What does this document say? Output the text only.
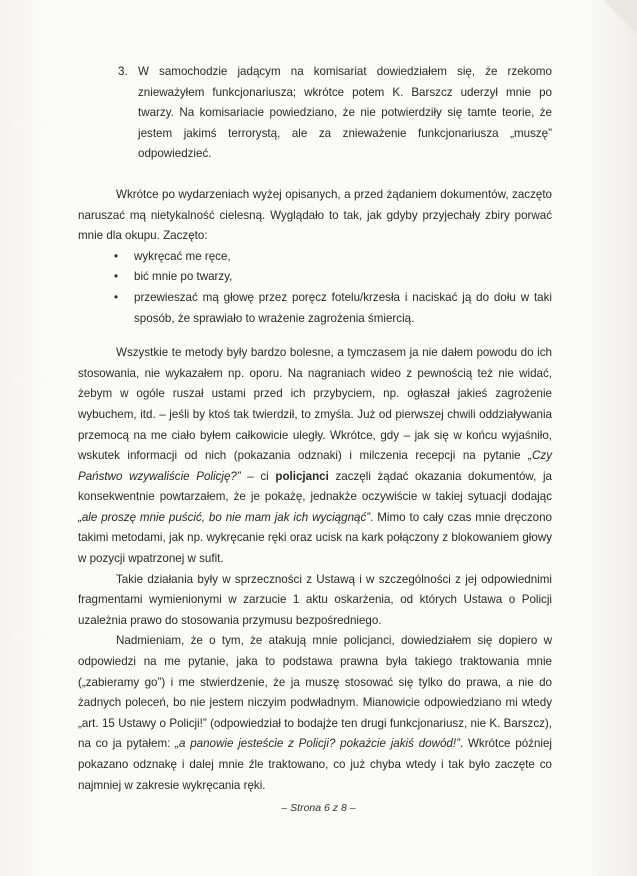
3. W samochodzie jadącym na komisariat dowiedziałem się, że rzekomo znieważyłem funkcjonariusza; wkrótce potem K. Barszcz uderzył mnie po twarzy. Na komisariacie powiedziano, że nie potwierdziły się tamte teorie, że jestem jakimś terrorystą, ale za znieważenie funkcjonariusza „muszę” odpowiedzieć.

Wkrótce po wydarzeniach wyżej opisanych, a przed żądaniem dokumentów, zaczęto naruszać mą nietykalność cielesną. Wyglądało to tak, jak gdyby przyjechały zbiry porwać mnie dla okupu. Zaczęto:

• wykręcać me ręce,
• bić mnie po twarzy,
• przewieszać mą głowę przez poręcz fotelu/krzesła i naciskać ją do dołu w taki sposób, że sprawiało to wrażenie zagrożenia śmiercią.

Wszystkie te metody były bardzo bolesne, a tymczasem ja nie dałem powodu do ich stosowania, nie wykazałem np. oporu. Na nagraniach wideo z pewnością też nie widać, żebym w ogóle ruszał ustami przed ich przybyciem, np. ogłaszał jakieś zagrożenie wybuchem, itd. – jeśli by ktoś tak twierdził, to zmyśla. Już od pierwszej chwili oddziaływania przemocą na me ciało byłem całkowicie uległy. Wkrótce, gdy – jak się w końcu wyjaśniło, wskutek informacji od nich (pokazania odznaki) i milczenia recepcji na pytanie „Czy Państwo wzywaliście Policję?” – ci policjanci zaczęli żądać okazania dokumentów, ja konsekwentnie powtarzałem, że je pokażę, jednakże oczywiście w takiej sytuacji dodając „ale proszę mnie puścić, bo nie mam jak ich wyciągnąć”. Mimo to cały czas mnie dręczono takimi metodami, jak np. wykręcanie ręki oraz ucisk na kark połączony z blokowaniem głowy w pozycji wpatrzonej w sufit.

Takie działania były w sprzeczności z Ustawą i w szczególności z jej odpowiednimi fragmentami wymienionymi w zarzucie 1 aktu oskarżenia, od których Ustawa o Policji uzależnia prawo do stosowania przymusu bezpośredniego.

Nadmieniam, że o tym, że atakują mnie policjanci, dowiedziałem się dopiero w odpowiedzi na me pytanie, jaka to podstawa prawna była takiego traktowania mnie („zabieramy go”) i me stwierdzenie, że ja muszę stosować się tylko do prawa, a nie do żadnych poleceń, bo nie jestem niczyim podwładnym. Mianowicie odpowiedziano mi wtedy „art. 15 Ustawy o Policji!” (odpowiedział to bodajże ten drugi funkcjonariusz, nie K. Barszcz), na co ja pytałem: „a panowie jesteście z Policji? pokażcie jakiś dowód!”. Wkrótce później pokazano odznakę i dalej mnie źle traktowano, co już chyba wtedy i tak było zaczęte co najmniej w zakresie wykręcania ręki.

– Strona 6 z 8 –
